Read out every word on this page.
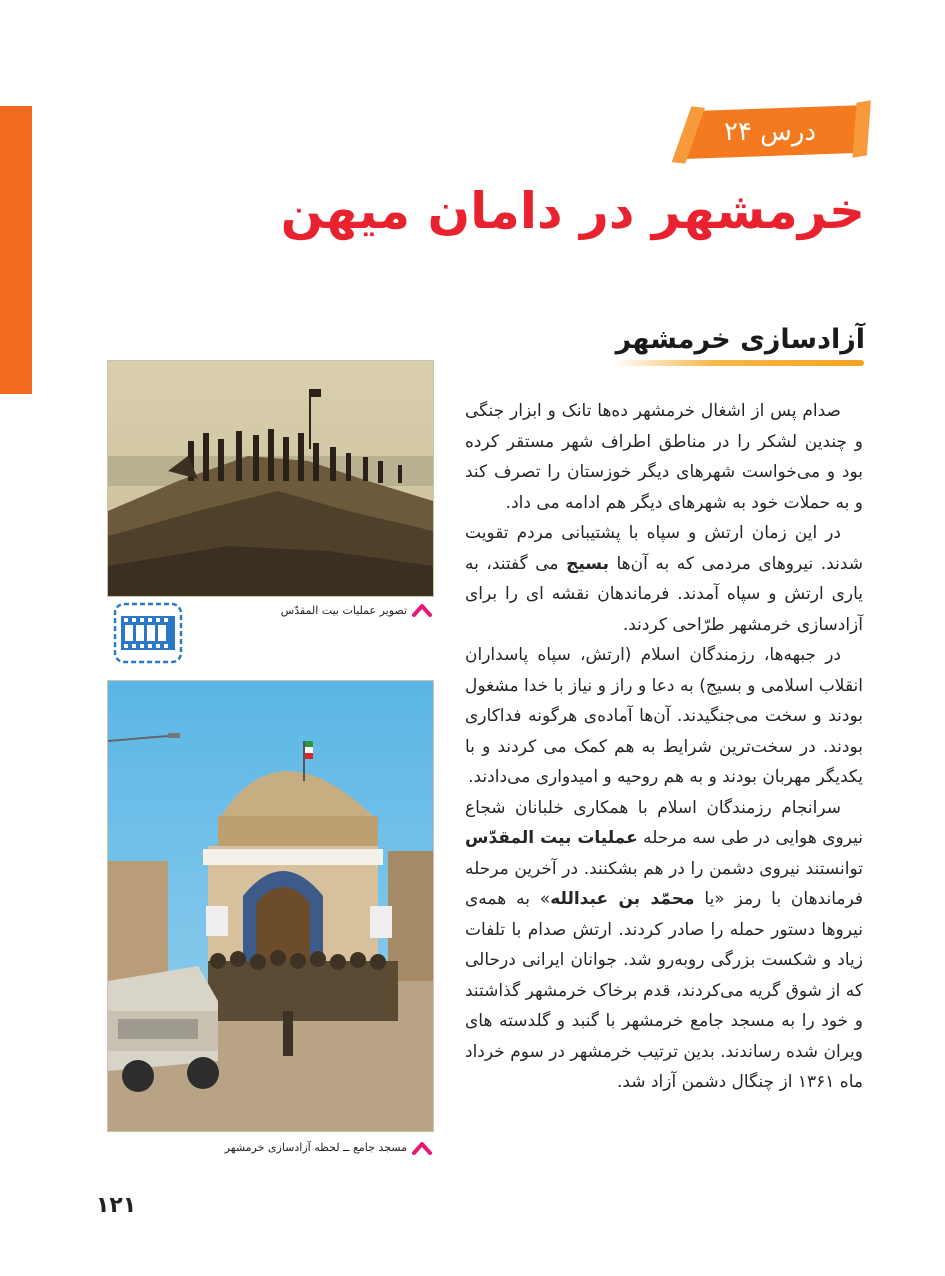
درس ۲۴
خرمشهر در دامان میهن
آزادسازی خرمشهر

صدام پس از اشغال خرمشهر ده‌ها تانک و ابزار جنگی و چندین لشکر را در مناطق اطراف شهر مستقر کرده بود و می‌خواست شهرهای دیگر خوزستان را تصرف کند و به حملات خود به شهرهای دیگر هم ادامه می داد.

در این زمان ارتش و سپاه با پشتیبانی مردم تقویت شدند. نیروهای مردمی که به آن‌ها بسیج می گفتند، به یاری ارتش و سپاه آمدند. فرماندهان نقشه ای را برای آزادسازی خرمشهر طرّاحی کردند.

در جبهه‌ها، رزمندگان اسلام (ارتش، سپاه پاسداران انقلاب اسلامی و بسیج) به دعا و راز و نیاز با خدا مشغول بودند و سخت می‌جنگیدند. آن‌ها آماده‌ی هرگونه فداکاری بودند. در سخت‌ترین شرایط به هم کمک می کردند و با یکدیگر مهربان بودند و به هم روحیه و امیدواری می‌دادند.

سرانجام رزمندگان اسلام با همکاری خلبانان شجاع نیروی هوایی در طی سه مرحله عملیات بیت المقدّس توانستند نیروی دشمن را در هم بشکنند. در آخرین مرحله فرماندهان با رمز «یا محمّد بن عبدالله» به همه‌ی نیروها دستور حمله را صادر کردند. ارتش صدام با تلفات زیاد و شکست بزرگی روبه‌رو شد. جوانان ایرانی درحالی که از شوق گریه می‌کردند، قدم برخاک خرمشهر گذاشتند و خود را به مسجد جامع خرمشهر با گنبد و گلدسته های ویران شده رساندند. بدین ترتیب خرمشهر در سوم خرداد ماه ۱۳۶۱ از چنگال دشمن آزاد شد.

تصویر عملیات بیت المقدّس
مسجد جامع ــ لحظه آزادسازی خرمشهر
۱۲۱
